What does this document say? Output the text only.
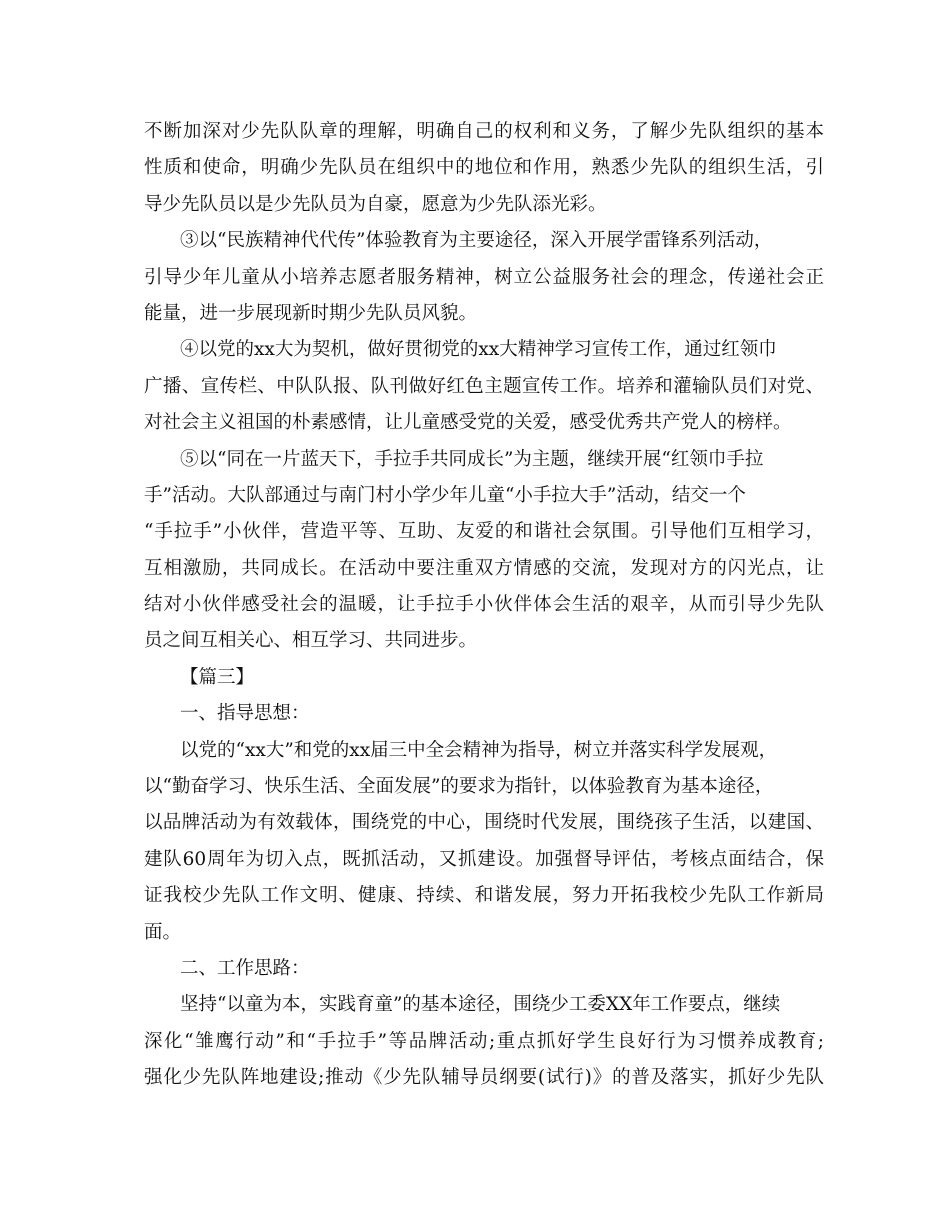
不断加深对少先队队章的理解，明确自己的权利和义务，了解少先队组织的基本
性质和使命，明确少先队员在组织中的地位和作用，熟悉少先队的组织生活，引
导少先队员以是少先队员为自豪，愿意为少先队添光彩。
③以“民族精神代代传”体验教育为主要途径，深入开展学雷锋系列活动，
引导少年儿童从小培养志愿者服务精神，树立公益服务社会的理念，传递社会正
能量，进一步展现新时期少先队员风貌。
④以党的xx大为契机，做好贯彻党的xx大精神学习宣传工作，通过红领巾
广播、宣传栏、中队队报、队刊做好红色主题宣传工作。培养和灌输队员们对党、
对社会主义祖国的朴素感情，让儿童感受党的关爱，感受优秀共产党人的榜样。
⑤以“同在一片蓝天下，手拉手共同成长”为主题，继续开展“红领巾手拉
手”活动。大队部通过与南门村小学少年儿童“小手拉大手”活动，结交一个
“手拉手”小伙伴，营造平等、互助、友爱的和谐社会氛围。引导他们互相学习，
互相激励，共同成长。在活动中要注重双方情感的交流，发现对方的闪光点，让
结对小伙伴感受社会的温暖，让手拉手小伙伴体会生活的艰辛，从而引导少先队
员之间互相关心、相互学习、共同进步。
【篇三】
一、指导思想：
以党的“xx大”和党的xx届三中全会精神为指导，树立并落实科学发展观，
以“勤奋学习、快乐生活、全面发展”的要求为指针，以体验教育为基本途径，
以品牌活动为有效载体，围绕党的中心，围绕时代发展，围绕孩子生活，以建国、
建队60周年为切入点，既抓活动，又抓建设。加强督导评估，考核点面结合，保
证我校少先队工作文明、健康、持续、和谐发展，努力开拓我校少先队工作新局
面。
二、工作思路：
坚持“以童为本，实践育童”的基本途径，围绕少工委XX年工作要点，继续
深化“雏鹰行动”和“手拉手”等品牌活动;重点抓好学生良好行为习惯养成教育;
强化少先队阵地建设;推动《少先队辅导员纲要(试行)》的普及落实，抓好少先队
